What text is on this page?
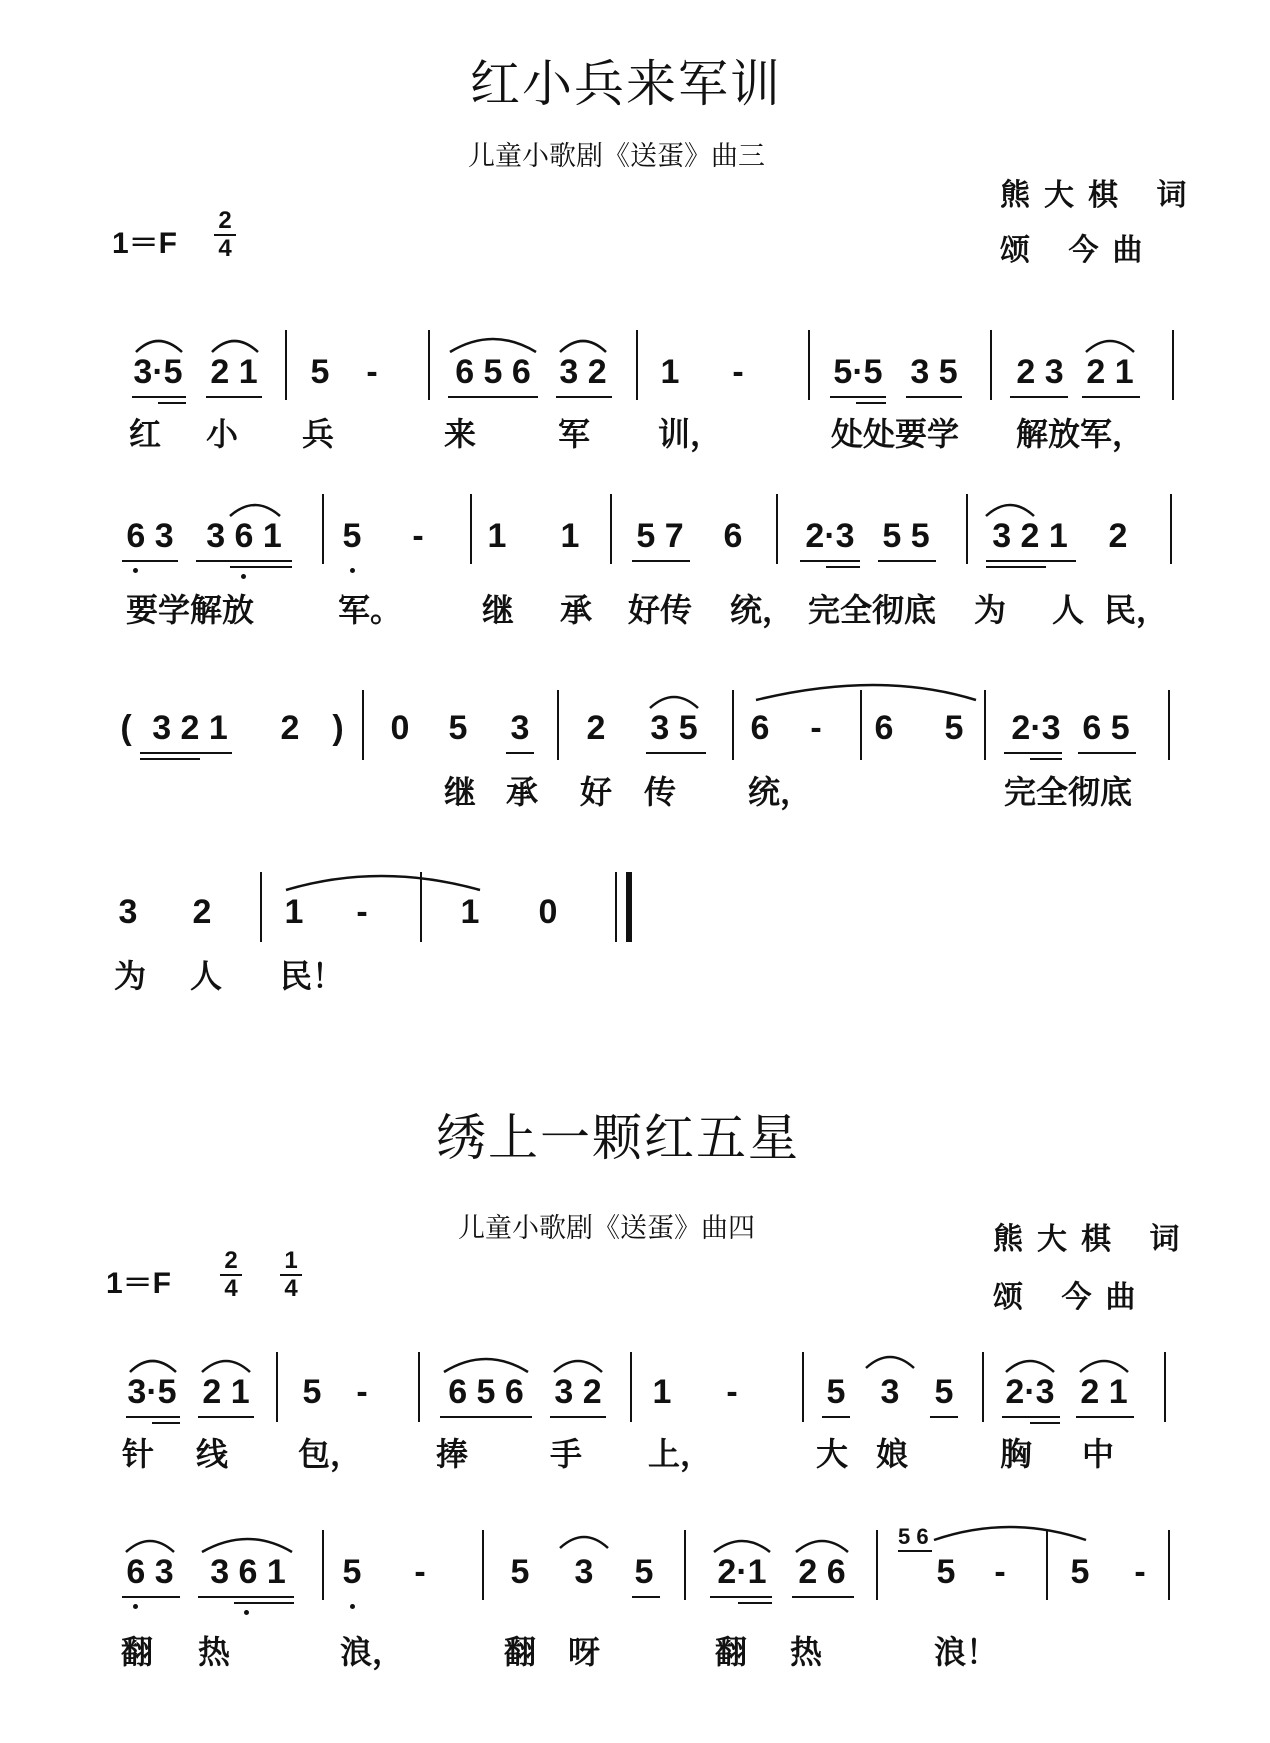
红小兵来军训
儿童小歌剧《送蛋》曲三
熊大棋 词
颂 今曲
1＝F
2
4
3·5 2 1 5 - 6 5 6 3 2 1 -	5·5 3 5 2 3 2 1
红 小 兵	来	军 训，	处处要学 解放军，
6 3 3 6 1 5 - 1 1 5 7 6 2·3 5 5 3 2 1 2
要学解放	军。 继 承 好传 统， 完全彻底 为 人 民，
( 3 2 1 2 ) 0 5 3 2 3 5 6 - 6 5 2·3 6 5
继 承 好 传 统，	完全彻底
3 2 1 -	1 0
为 人 民！
绣上一颗红五星
儿童小歌剧《送蛋》曲四	熊大棋 词
颂 今曲
1＝F
2
4
1
4
3·5 2 1 5 - 6 5 6 3 2 1 -	5 3 5 2·3 2 1
针 线 包， 捧	手 上，	大 娘	胸 中
6 3 3 6 1 5 - 5 3 5 2·1 2 6
5 6
5 - 5 -
翻 热	浪，	翻 呀	翻 热	浪！
